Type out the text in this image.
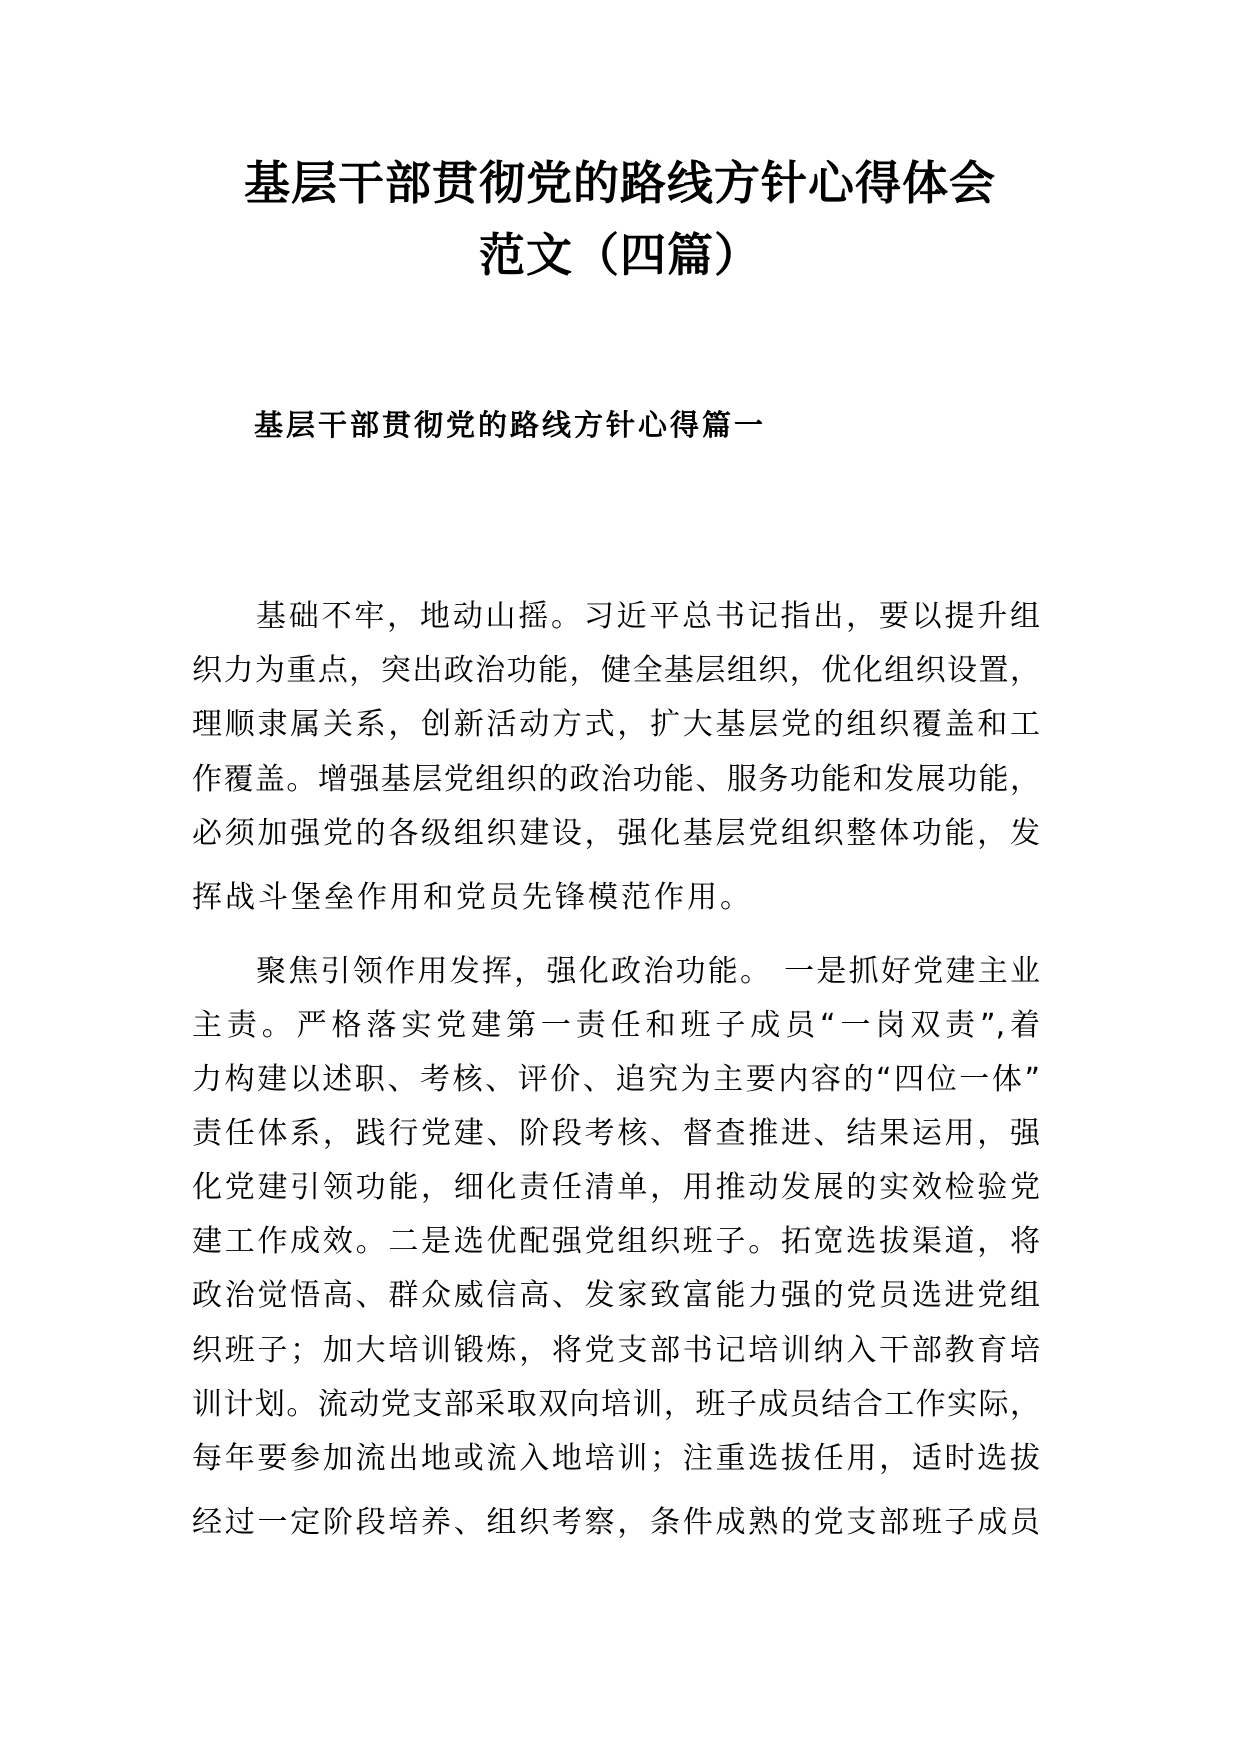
基层干部贯彻党的路线方针心得体会
范文（四篇）
基层干部贯彻党的路线方针心得篇一
基础不牢，地动山摇。习近平总书记指出，要以提升组
织力为重点，突出政治功能，健全基层组织，优化组织设置，
理顺隶属关系，创新活动方式，扩大基层党的组织覆盖和工
作覆盖。增强基层党组织的政治功能、服务功能和发展功能，
必须加强党的各级组织建设，强化基层党组织整体功能，发
挥战斗堡垒作用和党员先锋模范作用。
聚焦引领作用发挥，强化政治功能。 一是抓好党建主业
主责。严格落实党建第一责任和班子成员“一岗双责”,着
力构建以述职、考核、评价、追究为主要内容的“四位一体”
责任体系，践行党建、阶段考核、督查推进、结果运用，强
化党建引领功能，细化责任清单，用推动发展的实效检验党
建工作成效。二是选优配强党组织班子。拓宽选拔渠道，将
政治觉悟高、群众威信高、发家致富能力强的党员选进党组
织班子；加大培训锻炼，将党支部书记培训纳入干部教育培
训计划。流动党支部采取双向培训，班子成员结合工作实际，
每年要参加流出地或流入地培训；注重选拔任用，适时选拔
经过一定阶段培养、组织考察，条件成熟的党支部班子成员
